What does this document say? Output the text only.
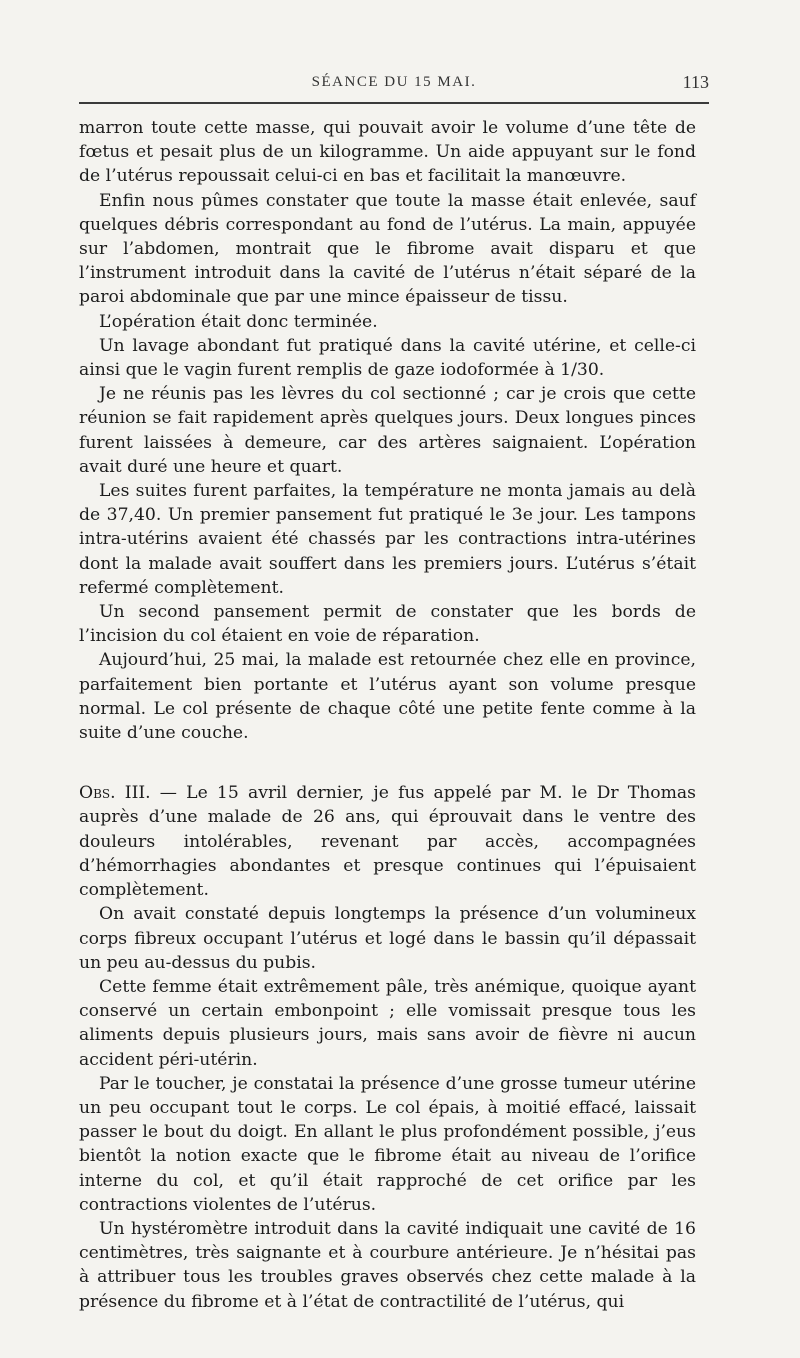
SÉANCE DU 15 MAI.	113

marron toute cette masse, qui pouvait avoir le volume d’une tête de fœtus et pesait plus de un kilogramme. Un aide appuyant sur le fond de l’utérus repoussait celui-ci en bas et facilitait la manœuvre.

Enfin nous pûmes constater que toute la masse était enlevée, sauf quelques débris correspondant au fond de l’utérus. La main, appuyée sur l’abdomen, montrait que le fibrome avait disparu et que l’instrument introduit dans la cavité de l’utérus n’était séparé de la paroi abdominale que par une mince épaisseur de tissu.

L’opération était donc terminée.

Un lavage abondant fut pratiqué dans la cavité utérine, et celle-ci ainsi que le vagin furent remplis de gaze iodoformée à 1/30.

Je ne réunis pas les lèvres du col sectionné ; car je crois que cette réunion se fait rapidement après quelques jours. Deux longues pinces furent laissées à demeure, car des artères saignaient. L’opération avait duré une heure et quart.

Les suites furent parfaites, la température ne monta jamais au delà de 37,40. Un premier pansement fut pratiqué le 3e jour. Les tampons intra-utérins avaient été chassés par les contractions intra-utérines dont la malade avait souffert dans les premiers jours. L’utérus s’était refermé complètement.

Un second pansement permit de constater que les bords de l’incision du col étaient en voie de réparation.

Aujourd’hui, 25 mai, la malade est retournée chez elle en province, parfaitement bien portante et l’utérus ayant son volume presque normal. Le col présente de chaque côté une petite fente comme à la suite d’une couche.

Obs. III. — Le 15 avril dernier, je fus appelé par M. le Dr Thomas auprès d’une malade de 26 ans, qui éprouvait dans le ventre des douleurs intolérables, revenant par accès, accompagnées d’hémorrhagies abondantes et presque continues qui l’épuisaient complètement.

On avait constaté depuis longtemps la présence d’un volumineux corps fibreux occupant l’utérus et logé dans le bassin qu’il dépassait un peu au-dessus du pubis.

Cette femme était extrêmement pâle, très anémique, quoique ayant conservé un certain embonpoint ; elle vomissait presque tous les aliments depuis plusieurs jours, mais sans avoir de fièvre ni aucun accident péri-utérin.

Par le toucher, je constatai la présence d’une grosse tumeur utérine un peu occupant tout le corps. Le col épais, à moitié effacé, laissait passer le bout du doigt. En allant le plus profondément possible, j’eus bientôt la notion exacte que le fibrome était au niveau de l’orifice interne du col, et qu’il était rapproché de cet orifice par les contractions violentes de l’utérus.

Un hystéromètre introduit dans la cavité indiquait une cavité de 16 centimètres, très saignante et à courbure antérieure. Je n’hésitai pas à attribuer tous les troubles graves observés chez cette malade à la présence du fibrome et à l’état de contractilité de l’utérus, qui
